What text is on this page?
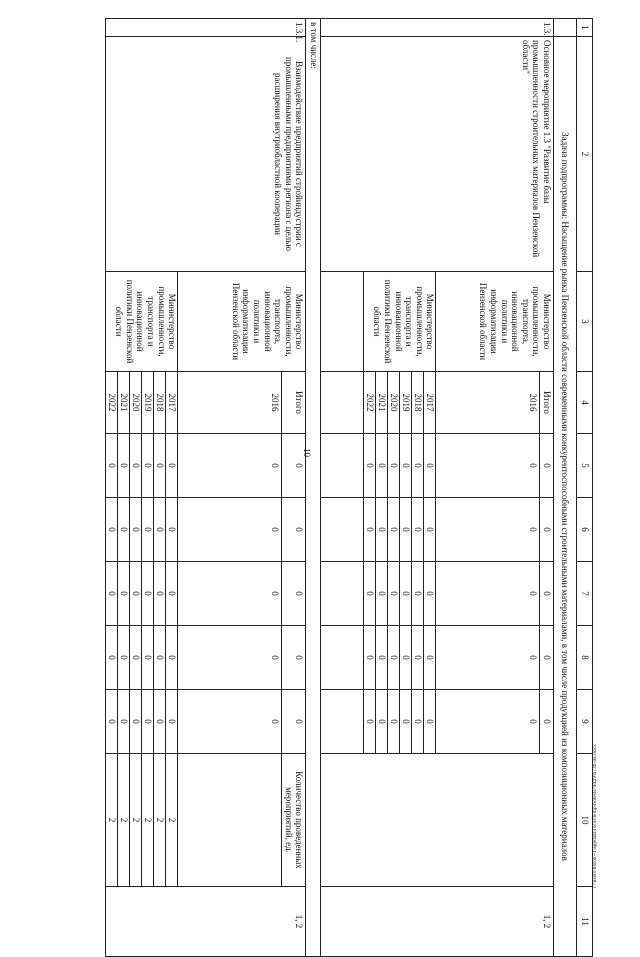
10
1	2	3	4	5	6	7	8	9	10	11	
	Задача подпрограммы: Насыщение рынка Пензенской области современными конкурентоспособными строительными материалами, в том числе продукцией из композиционных материалов										
1.3.	Основное мероприятие 1.3 "Развитие базы промышленности строительных материалов Пензенской области"	Министерство промышленности, транспорта, инновационной политики и информатизации Пензенской области	Итого	0	0	0	0	0		1, 2	
			2016	0	0	0	0	0			
		Министерство промышленности, транспорта и инновационной политики Пензенской области	2017	0	0	0	0	0			
			2018	0	0	0	0	0			
			2019	0	0	0	0	0			
			2020	0	0	0	0	0			
			2021	0	0	0	0	0			
			2022	0	0	0	0	0			

в том числе:											
1.3.1.	Взаимодействие предприятий стройиндустрии с промышленными предприятиями региона с целью расширения внутриобластной кооперации	Министерство промышленности, транспорта, инновационной политики и информатизации Пензенской области	Итого	0	0	0	0	0	Количество проведенных мероприятий, ед.	1, 2	
			2016	0	0	0	0	0			
		Министерство промышленности, транспорта и инновационной политики Пензенской области	2017	0	0	0	0	0	2		
			2018	0	0	0	0	0	2		
			2019	0	0	0	0	0	2		
			2020	0	0	0	0	0	2		
			2021	0	0	0	0	0	2		
			2022	0	0	0	0	0	2			c:\users\borok~1\appdata\local\temp\notes879449\6736-ua.docx
